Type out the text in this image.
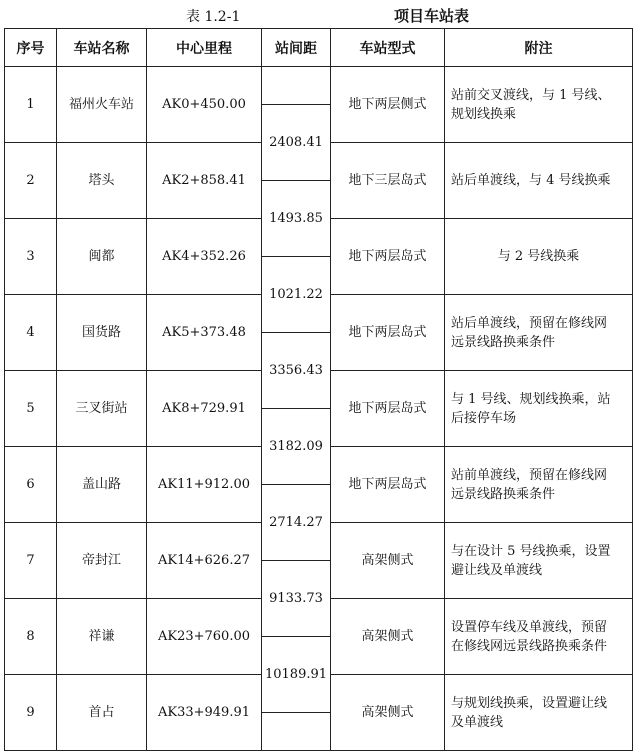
表 1.2-1	项目车站表
序号	车站名称	中心里程	站间距	车站型式	附注
1	福州火车站	AK0+450.00		地下两层侧式	站前交叉渡线，与 1 号线、
规划线换乘

			2408.41		
2	塔头	AK2+858.41		地下三层岛式	站后单渡线，与 4 号线换乘

			1493.85		
3	闽都	AK4+352.26		地下两层岛式	与 2 号线换乘

			1021.22		
4	国货路	AK5+373.48		地下两层岛式	站后单渡线，预留在修线网
远景线路换乘条件

			3356.43		
5	三叉街站	AK8+729.91		地下两层岛式	与 1 号线、规划线换乘，站
后接停车场

			3182.09		
6	盖山路	AK11+912.00		地下两层岛式	站前单渡线，预留在修线网
远景线路换乘条件

			2714.27		
7	帝封江	AK14+626.27		高架侧式	与在设计 5 号线换乘，设置
避让线及单渡线

			9133.73		
8	祥谦	AK23+760.00		高架侧式	设置停车线及单渡线，预留
在修线网远景线路换乘条件

			10189.91		
9	首占	AK33+949.91		高架侧式	与规划线换乘，设置避让线
及单渡线
